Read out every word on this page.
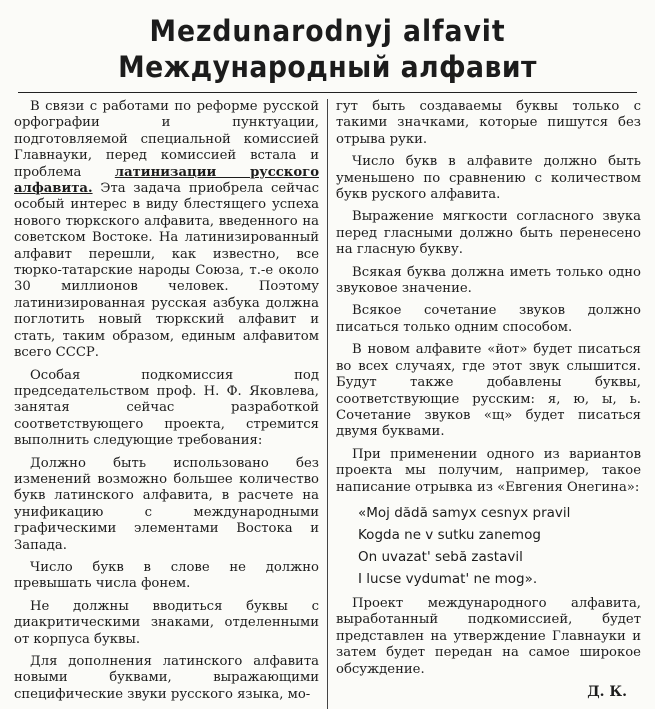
Mezdunarodnyj alfavit
Международный алфавит

В связи с работами по реформе русской орфографии и пунктуации, подготовляемой специальной комиссией Главнауки, перед комиссией встала и проблема латинизации русского алфавита. Эта задача приобрела сейчас особый интерес в виду блестящего успеха нового тюркского алфавита, введенного на советском Востоке. На латинизированный алфавит перешли, как известно, все тюрко-татарские народы Союза, т.-е около 30 миллионов человек. Поэтому латинизированная русская азбука должна поглотить новый тюркский алфавит и стать, таким образом, единым алфавитом всего СССР.

Особая подкомиссия под председательством проф. Н. Ф. Яковлева, занятая сейчас разработкой соответствующего проекта, стремится выполнить следующие требования:

Должно быть использовано без изменений возможно большее количество букв латинского алфавита, в расчете на унификацию с международными графическими элементами Востока и Запада.

Число букв в слове не должно превышать числа фонем.

Не должны вводиться буквы с диакритическими знаками, отделенными от корпуса буквы.

Для дополнения латинского алфавита новыми буквами, выражающими специфические звуки русского языка, мо-

гут быть создаваемы буквы только с такими значками, которые пишутся без отрыва руки.

Число букв в алфавите должно быть уменьшено по сравнению с количеством букв руского алфавита.

Выражение мягкости согласного звука перед гласными должно быть перенесено на гласную букву.

Всякая буква должна иметь только одно звуковое значение.

Всякое сочетание звуков должно писаться только одним способом.

В новом алфавите «йот» будет писаться во всех случаях, где этот звук слышится. Будут также добавлены буквы, соответствующие русским: я, ю, ы, ь. Сочетание звуков «щ» будет писаться двумя буквами.

При применении одного из вариантов проекта мы получим, например, такое написание отрывка из «Евгения Онегина»:

«Moj dădă samyx cesnyx pravil
Kogda ne v sutku zanemog
On uvazat' sebă zastavil
I lucse vydumat' ne mog».

Проект международного алфавита, выработанный подкомиссией, будет представлен на утверждение Главнауки и затем будет передан на самое широкое обсуждение.

Д. К.
